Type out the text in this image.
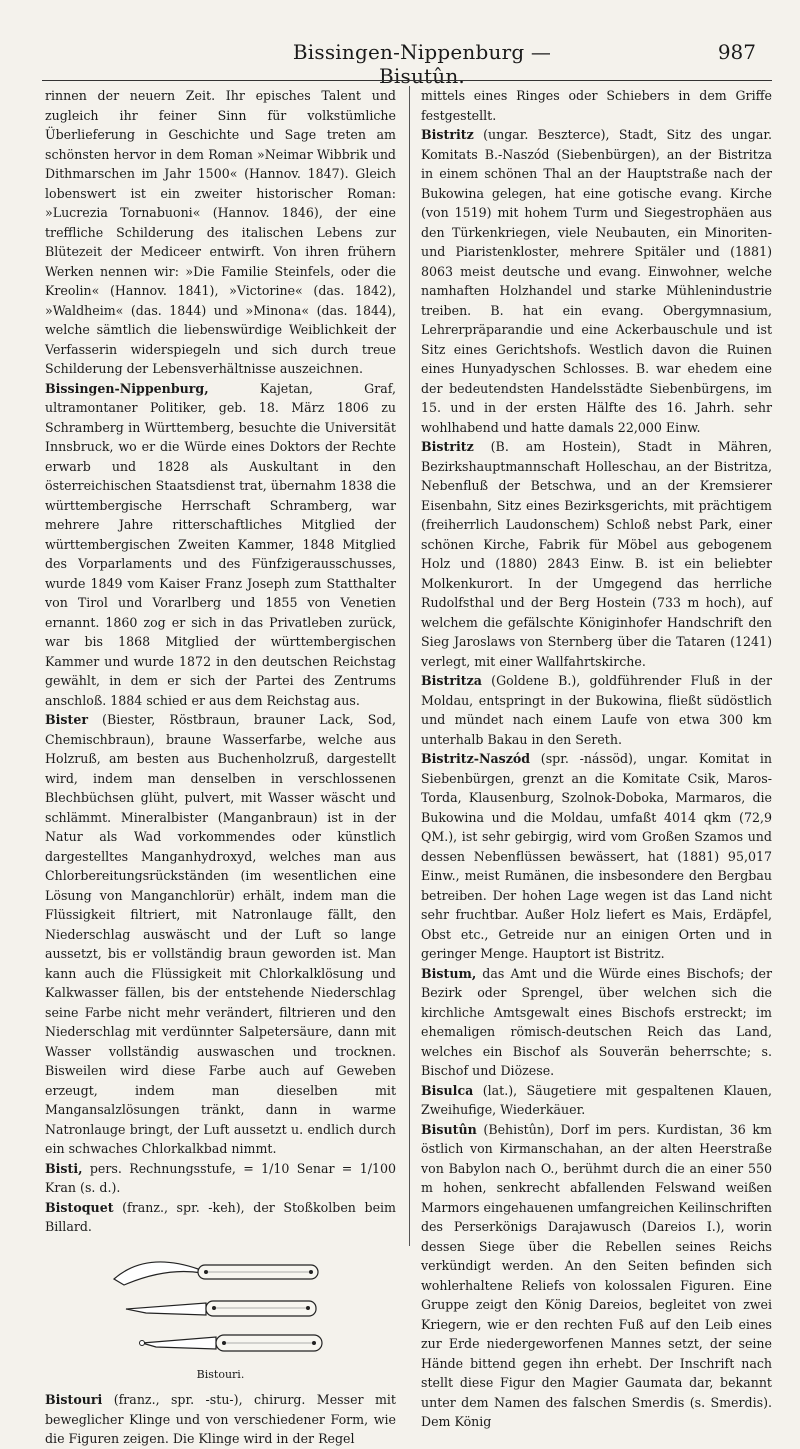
Bissingen-Nippenburg — Bisutûn.
987

rinnen der neuern Zeit. Ihr episches Talent und zugleich ihr feiner Sinn für volkstümliche Überlieferung in Geschichte und Sage treten am schönsten hervor in dem Roman »Neimar Wibbrik und Dithmarschen im Jahr 1500« (Hannov. 1847). Gleich lobenswert ist ein zweiter historischer Roman: »Lucrezia Tornabuoni« (Hannov. 1846), der eine treffliche Schilderung des italischen Lebens zur Blütezeit der Mediceer entwirft. Von ihren frühern Werken nennen wir: »Die Familie Steinfels, oder die Kreolin« (Hannov. 1841), »Victorine« (das. 1842), »Waldheim« (das. 1844) und »Minona« (das. 1844), welche sämtlich die liebenswürdige Weiblichkeit der Verfasserin widerspiegeln und sich durch treue Schilderung der Lebensverhältnisse auszeichnen.

Bissingen-Nippenburg, Kajetan, Graf, ultramontaner Politiker, geb. 18. März 1806 zu Schramberg in Württemberg, besuchte die Universität Innsbruck, wo er die Würde eines Doktors der Rechte erwarb und 1828 als Auskultant in den österreichischen Staatsdienst trat, übernahm 1838 die württembergische Herrschaft Schramberg, war mehrere Jahre ritterschaftliches Mitglied der württembergischen Zweiten Kammer, 1848 Mitglied des Vorparlaments und des Fünfzigerausschusses, wurde 1849 vom Kaiser Franz Joseph zum Statthalter von Tirol und Vorarlberg und 1855 von Venetien ernannt. 1860 zog er sich in das Privatleben zurück, war bis 1868 Mitglied der württembergischen Kammer und wurde 1872 in den deutschen Reichstag gewählt, in dem er sich der Partei des Zentrums anschloß. 1884 schied er aus dem Reichstag aus.

Bister (Biester, Röstbraun, brauner Lack, Sod, Chemischbraun), braune Wasserfarbe, welche aus Holzruß, am besten aus Buchenholzruß, dargestellt wird, indem man denselben in verschlossenen Blechbüchsen glüht, pulvert, mit Wasser wäscht und schlämmt. Mineralbister (Manganbraun) ist in der Natur als Wad vorkommendes oder künstlich dargestelltes Manganhydroxyd, welches man aus Chlorbereitungsrückständen (im wesentlichen eine Lösung von Manganchlorür) erhält, indem man die Flüssigkeit filtriert, mit Natronlauge fällt, den Niederschlag auswäscht und der Luft so lange aussetzt, bis er vollständig braun geworden ist. Man kann auch die Flüssigkeit mit Chlorkalklösung und Kalkwasser fällen, bis der entstehende Niederschlag seine Farbe nicht mehr verändert, filtrieren und den Niederschlag mit verdünnter Salpetersäure, dann mit Wasser vollständig auswaschen und trocknen. Bisweilen wird diese Farbe auch auf Geweben erzeugt, indem man dieselben mit Mangansalzlösungen tränkt, dann in warme Natronlauge bringt, der Luft aussetzt u. endlich durch ein schwaches Chlorkalkbad nimmt.

Bisti, pers. Rechnungsstufe, = 1/10 Senar = 1/100 Kran (s. d.).

Bistoquet (franz., spr. -keh), der Stoßkolben beim Billard.

Bistouri.

Bistouri (franz., spr. -stu-), chirurg. Messer mit beweglicher Klinge und von verschiedener Form, wie die Figuren zeigen. Die Klinge wird in der Regel

mittels eines Ringes oder Schiebers in dem Griffe festgestellt.

Bistritz (ungar. Beszterce), Stadt, Sitz des ungar. Komitats B.-Naszód (Siebenbürgen), an der Bistritza in einem schönen Thal an der Hauptstraße nach der Bukowina gelegen, hat eine gotische evang. Kirche (von 1519) mit hohem Turm und Siegestrophäen aus den Türkenkriegen, viele Neubauten, ein Minoriten- und Piaristenkloster, mehrere Spitäler und (1881) 8063 meist deutsche und evang. Einwohner, welche namhaften Holzhandel und starke Mühlenindustrie treiben. B. hat ein evang. Obergymnasium, Lehrerpräparandie und eine Ackerbauschule und ist Sitz eines Gerichtshofs. Westlich davon die Ruinen eines Hunyadyschen Schlosses. B. war ehedem eine der bedeutendsten Handelsstädte Siebenbürgens, im 15. und in der ersten Hälfte des 16. Jahrh. sehr wohlhabend und hatte damals 22,000 Einw.

Bistritz (B. am Hostein), Stadt in Mähren, Bezirkshauptmannschaft Holleschau, an der Bistritza, Nebenfluß der Betschwa, und an der Kremsierer Eisenbahn, Sitz eines Bezirksgerichts, mit prächtigem (freiherrlich Laudonschem) Schloß nebst Park, einer schönen Kirche, Fabrik für Möbel aus gebogenem Holz und (1880) 2843 Einw. B. ist ein beliebter Molkenkurort. In der Umgegend das herrliche Rudolfsthal und der Berg Hostein (733 m hoch), auf welchem die gefälschte Königinhofer Handschrift den Sieg Jaroslaws von Sternberg über die Tataren (1241) verlegt, mit einer Wallfahrtskirche.

Bistritza (Goldene B.), goldführender Fluß in der Moldau, entspringt in der Bukowina, fließt südöstlich und mündet nach einem Laufe von etwa 300 km unterhalb Bakau in den Sereth.

Bistritz-Naszód (spr. -nássöd), ungar. Komitat in Siebenbürgen, grenzt an die Komitate Csik, Maros-Torda, Klausenburg, Szolnok-Doboka, Marmaros, die Bukowina und die Moldau, umfaßt 4014 qkm (72,9 QM.), ist sehr gebirgig, wird vom Großen Szamos und dessen Nebenflüssen bewässert, hat (1881) 95,017 Einw., meist Rumänen, die insbesondere den Bergbau betreiben. Der hohen Lage wegen ist das Land nicht sehr fruchtbar. Außer Holz liefert es Mais, Erdäpfel, Obst etc., Getreide nur an einigen Orten und in geringer Menge. Hauptort ist Bistritz.

Bistum, das Amt und die Würde eines Bischofs; der Bezirk oder Sprengel, über welchen sich die kirchliche Amtsgewalt eines Bischofs erstreckt; im ehemaligen römisch-deutschen Reich das Land, welches ein Bischof als Souverän beherrschte; s. Bischof und Diözese.

Bisulca (lat.), Säugetiere mit gespaltenen Klauen, Zweihufige, Wiederkäuer.

Bisutûn (Behistûn), Dorf im pers. Kurdistan, 36 km östlich von Kirmanschahan, an der alten Heerstraße von Babylon nach O., berühmt durch die an einer 550 m hohen, senkrecht abfallenden Felswand weißen Marmors eingehauenen umfangreichen Keilinschriften des Perserkönigs Darajawusch (Dareios I.), worin dessen Siege über die Rebellen seines Reichs verkündigt werden. An den Seiten befinden sich wohlerhaltene Reliefs von kolossalen Figuren. Eine Gruppe zeigt den König Dareios, begleitet von zwei Kriegern, wie er den rechten Fuß auf den Leib eines zur Erde niedergeworfenen Mannes setzt, der seine Hände bittend gegen ihn erhebt. Der Inschrift nach stellt diese Figur den Magier Gaumata dar, bekannt unter dem Namen des falschen Smerdis (s. Smerdis). Dem König
